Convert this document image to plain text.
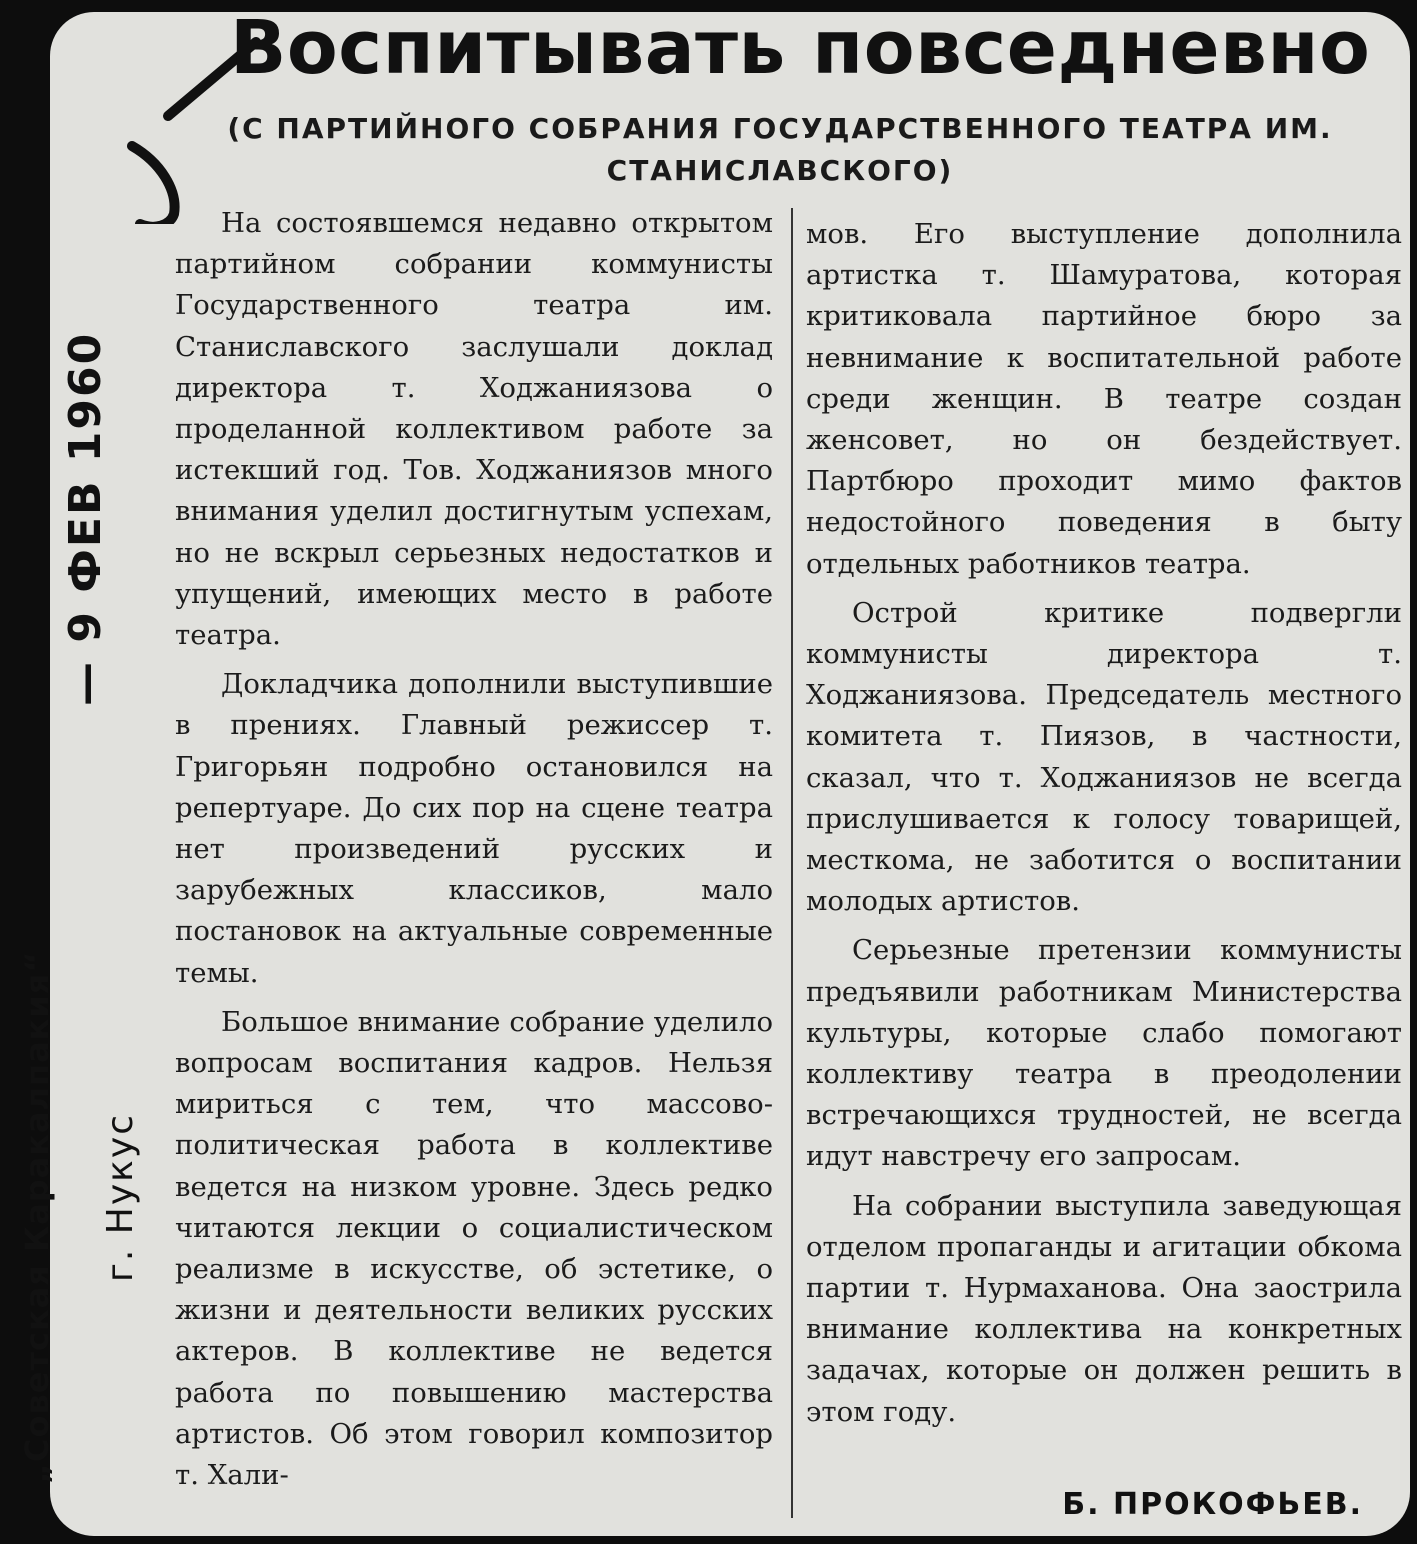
Воспитывать повседневно
(С ПАРТИЙНОГО СОБРАНИЯ ГОСУДАРСТВЕННОГО ТЕАТРА ИМ. СТАНИСЛАВСКОГО)
— 9 ФЕВ 1960
„Советская Каракалпакия“ г. Нукус

На состоявшемся недавно открытом партийном собрании коммунисты Государственного театра им. Станиславского заслушали доклад директора т. Ходжаниязова о проделанной коллективом работе за истекший год. Тов. Ходжаниязов много внимания уделил достигнутым успехам, но не вскрыл серьезных недостатков и упущений, имеющих место в работе театра.

Докладчика дополнили выступившие в прениях. Главный режиссер т. Григорьян подробно остановился на репертуаре. До сих пор на сцене театра нет произведений русских и зарубежных классиков, мало постановок на актуальные современные темы.

Большое внимание собрание уделило вопросам воспитания кадров. Нельзя мириться с тем, что массово-политическая работа в коллективе ведется на низком уровне. Здесь редко читаются лекции о социалистическом реализме в искусстве, об эстетике, о жизни и деятельности великих русских актеров. В коллективе не ведется работа по повышению мастерства артистов. Об этом говорил композитор т. Хали-

мов. Его выступление дополнила артистка т. Шамуратова, которая критиковала партийное бюро за невнимание к воспитательной работе среди женщин. В театре создан женсовет, но он бездействует. Партбюро проходит мимо фактов недостойного поведения в быту отдельных работников театра.

Острой критике подвергли коммунисты директора т. Ходжаниязова. Председатель местного комитета т. Пиязов, в частности, сказал, что т. Ходжаниязов не всегда прислушивается к голосу товарищей, месткома, не заботится о воспитании молодых артистов.

Серьезные претензии коммунисты предъявили работникам Министерства культуры, которые слабо помогают коллективу театра в преодолении встречающихся трудностей, не всегда идут навстречу его запросам.

На собрании выступила заведующая отделом пропаганды и агитации обкома партии т. Нурмаханова. Она заострила внимание коллектива на конкретных задачах, которые он должен решить в этом году.

Б. ПРОКОФЬЕВ.
